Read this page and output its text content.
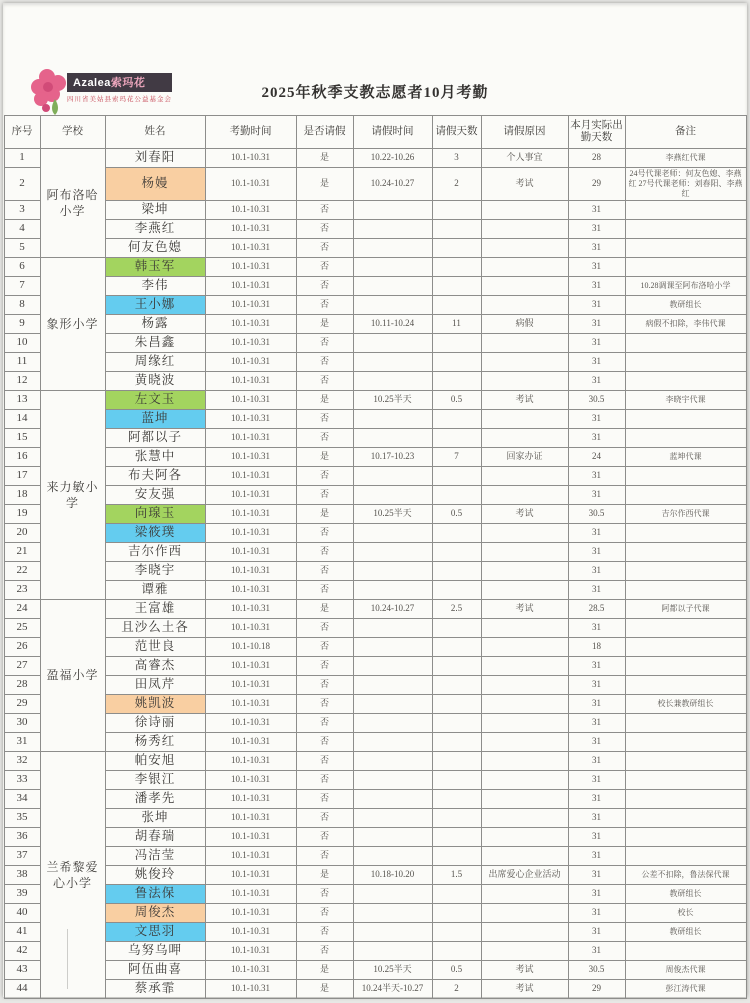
Azalea索玛花
四川省美姑县索玛花公益基金会	2025年秋季支教志愿者10月考勤
序号	学校	姓名	考勤时间	是否请假	请假时间	请假天数	请假原因	本月实际出勤天数	备注
1	阿布洛哈小学	刘春阳	10.1-10.31	是	10.22-10.26	3	个人事宜	28	李燕红代课
2		杨嫚	10.1-10.31	是	10.24-10.27	2	考试	29	24号代课老师：何友色媳、李燕红 27号代课老师：刘春阳、李燕红
3		梁坤	10.1-10.31	否				31	
4		李燕红	10.1-10.31	否				31	
5		何友色媳	10.1-10.31	否				31	
6	象形小学	韩玉军	10.1-10.31	否				31	
7		李伟	10.1-10.31	否				31	10.28调课至阿布洛哈小学
8		王小娜	10.1-10.31	否				31	教研组长
9		杨露	10.1-10.31	是	10.11-10.24	11	病假	31	病假不扣除，李伟代课
10		朱昌鑫	10.1-10.31	否				31	
11		周缘红	10.1-10.31	否				31	
12		黄晓波	10.1-10.31	否				31	
13	来力敏小学	左文玉	10.1-10.31	是	10.25半天	0.5	考试	30.5	李晓宇代课
14		蓝坤	10.1-10.31	否				31	
15		阿都以子	10.1-10.31	否				31	
16		张慧中	10.1-10.31	是	10.17-10.23	7	回家办证	24	蓝坤代课
17		布夫阿各	10.1-10.31	否				31	
18		安友强	10.1-10.31	否				31	
19		向瑔玉	10.1-10.31	是	10.25半天	0.5	考试	30.5	吉尔作西代课
20		梁筱璞	10.1-10.31	否				31	
21		吉尔作西	10.1-10.31	否				31	
22		李晓宇	10.1-10.31	否				31	
23		谭雅	10.1-10.31	否				31	
24	盈福小学	王富雄	10.1-10.31	是	10.24-10.27	2.5	考试	28.5	阿都以子代课
25		且沙么土各	10.1-10.31	否				31	
26		范世良	10.1-10.18	否				18	
27		高睿杰	10.1-10.31	否				31	
28		田凤芹	10.1-10.31	否				31	
29		姚凯波	10.1-10.31	否				31	校长兼教研组长
30		徐诗丽	10.1-10.31	否				31	
31		杨秀红	10.1-10.31	否				31	
32	兰希黎爱心小学	帕安旭	10.1-10.31	否				31	
33		李银江	10.1-10.31	否				31	
34		潘孝先	10.1-10.31	否				31	
35		张坤	10.1-10.31	否				31	
36		胡春瑞	10.1-10.31	否				31	
37		冯洁莹	10.1-10.31	否				31	
38		姚俊玲	10.1-10.31	是	10.18-10.20	1.5	出席爱心企业活动	31	公差不扣除，鲁法保代课
39		鲁法保	10.1-10.31	否				31	教研组长
40		周俊杰	10.1-10.31	否				31	校长
41		文思羽	10.1-10.31	否				31	教研组长
42		乌努乌呷	10.1-10.31	否				31	
43		阿伍曲喜	10.1-10.31	是	10.25半天	0.5	考试	30.5	周俊杰代课
44		蔡承霏	10.1-10.31	是	10.24半天-10.27	2	考试	29	彭江涛代课
